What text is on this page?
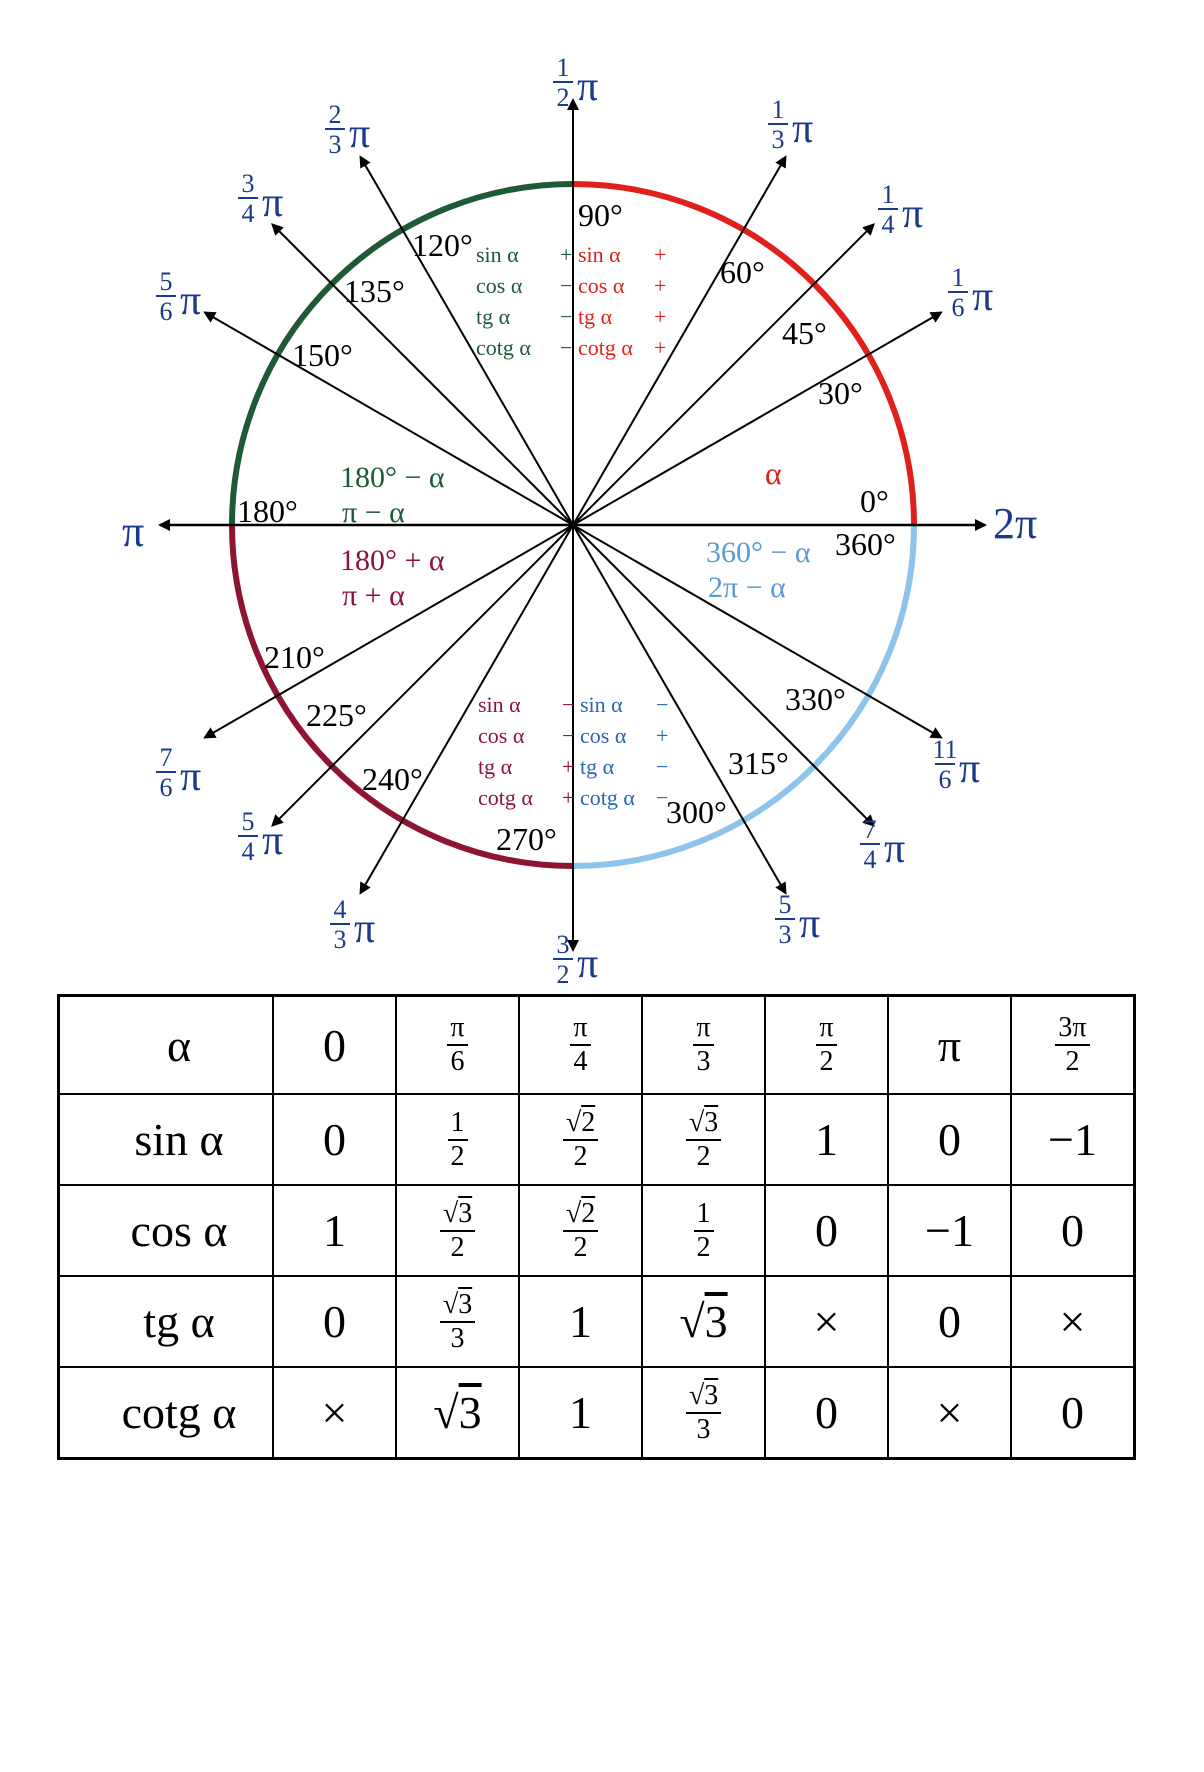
1
6 π
1
4 π
1
3 π
1
2 π
2
3 π
3
4 π
5
6 π
7
6 π
5
4 π
4
3 π	3
2 π
5
3 π
7
4 π
11
6 π
π	2π
30°
45°
60°
90°
120°
135°
150°
210°
225°
240°
270°
300°
315°
330°
0°
180°
360°
α
180° − α
π − α
180° + α
π + α
360° − α
2π − α
sin α +
cos α −
tg α −
cotg α −
sin α +
cos α +
tg α +
cotg α +
sin α −
cos α −
tg α +
cotg α +
sin α −
cos α +
tg α −
cotg α −
α	0	$\frac{\pi}{6}$	$\frac{\pi}{4}$	$\frac{\pi}{3}$	$\frac{\pi}{2}$	π	$\frac{3\pi}{2}$

sin α	0	$\frac{1}{2}$	$\frac{√2}{2}$	$\frac{√3}{2}$	1	0	−1
cos α	1	$\frac{√3}{2}$	$\frac{√2}{2}$	$\frac{1}{2}$	0	−1	0
tg α	0	$\frac{√3}{3}$	1	√3	×	0	×
cotg α	×	√3	1	$\frac{√3}{3}$	0	×	0
